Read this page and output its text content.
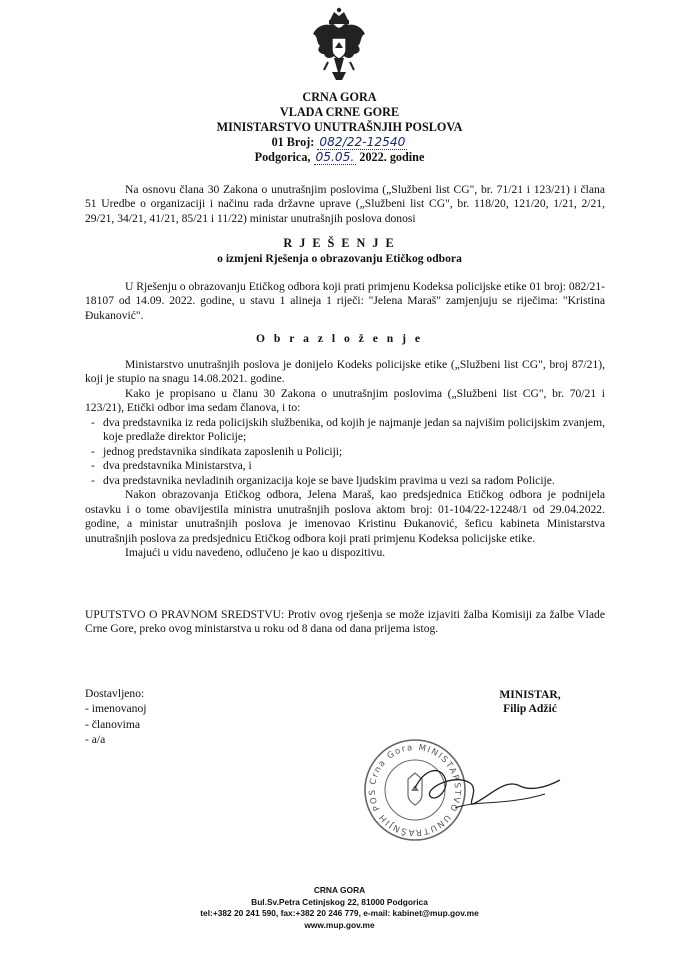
CRNA GORA
VLADA CRNE GORE
MINISTARSTVO UNUTRAŠNJIH POSLOVA
01 Broj: 082/22-12540
Podgorica, 05.05. 2022. godine
Na osnovu člana 30 Zakona o unutrašnjim poslovima („Službeni list CG", br. 71/21 i 123/21) i člana 51 Uredbe o organizaciji i načinu rada državne uprave („Službeni list CG", br. 118/20, 121/20, 1/21, 2/21, 29/21, 34/21, 41/21, 85/21 i 11/22) ministar unutrašnjih poslova donosi
R J E Š E N J E
o izmjeni Rješenja o obrazovanju Etičkog odbora
U Rješenju o obrazovanju Etičkog odbora koji prati primjenu Kodeksa policijske etike 01 broj: 082/21-18107 od 14.09. 2022. godine, u stavu 1 alineja 1 riječi: "Jelena Maraš" zamjenjuju se riječima: "Kristina Đukanović".
O b r a z l o ž e n j e

Ministarstvo unutrašnjih poslova je donijelo Kodeks policijske etike („Službeni list CG", broj 87/21), koji je stupio na snagu 14.08.2021. godine.

Kako je propisano u članu 30 Zakona o unutrašnjim poslovima („Službeni list CG", br. 70/21 i 123/21), Etički odbor ima sedam članova, i to:

- dva predstavnika iz reda policijskih službenika, od kojih je najmanje jedan sa najvišim policijskim zvanjem, koje predlaže direktor Policije;
- jednog predstavnika sindikata zaposlenih u Policiji;
- dva predstavnika Ministarstva, i
- dva predstavnika nevladinih organizacija koje se bave ljudskim pravima u vezi sa radom Policije.

Nakon obrazovanja Etičkog odbora, Jelena Maraš, kao predsjednica Etičkog odbora je podnijela ostavku i o tome obavijestila ministra unutrašnjih poslova aktom broj: 01-104/22-12248/1 od 29.04.2022. godine, a ministar unutrašnjih poslova je imenovao Kristinu Đukanović, šeficu kabineta Ministarstva unutrašnjih poslova za predsjednicu Etičkog odbora koji prati primjenu Kodeksa policijske etike.

Imajući u vidu navedeno, odlučeno je kao u dispozitivu.

UPUTSTVO O PRAVNOM SREDSTVU: Protiv ovog rješenja se može izjaviti žalba Komisiji za žalbe Vlade Crne Gore, preko ovog ministarstva u roku od 8 dana od dana prijema istog.
Dostavljeno:
- imenovanoj
- članovima
- a/a
MINISTAR,
Filip Adžić
Crna Gora MINISTARSTVO UNUTRAŠNJIH POS
CRNA GORA
Bul.Sv.Petra Cetinjskog 22, 81000 Podgorica
tel:+382 20 241 590, fax:+382 20 246 779, e-mail: kabinet@mup.gov.me
www.mup.gov.me
